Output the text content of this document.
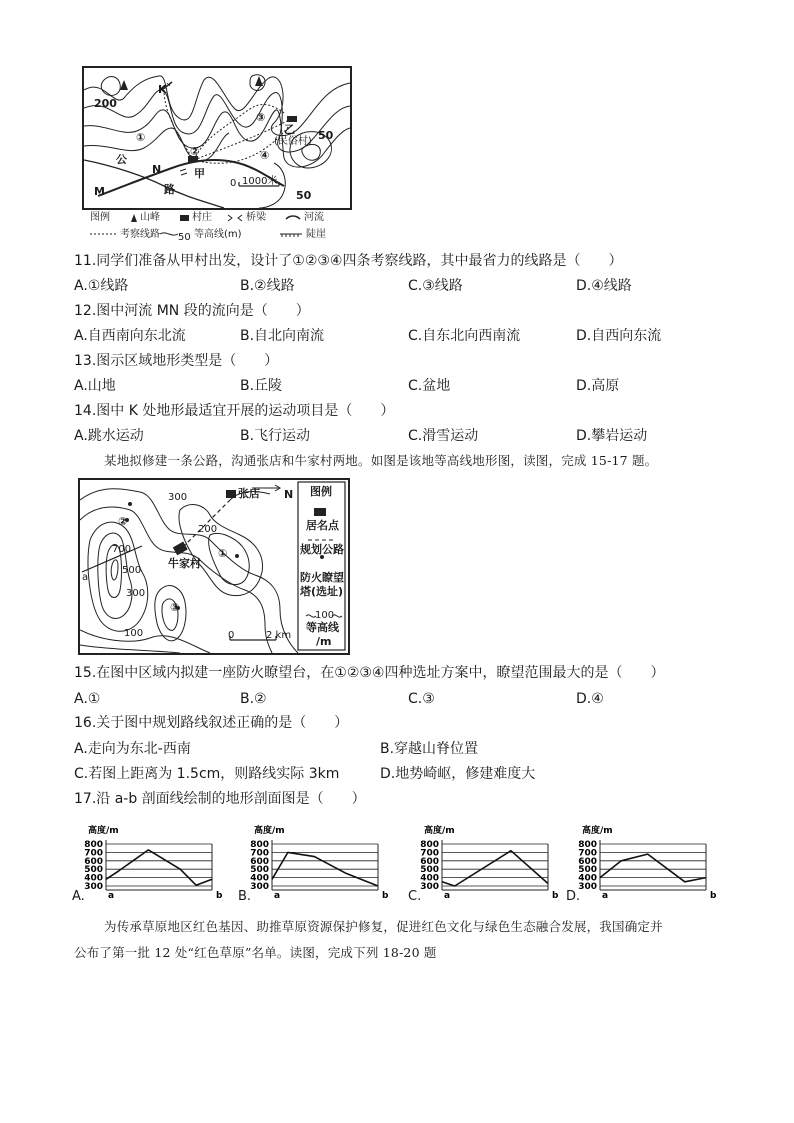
200
K
③
50
乙
(民俗村)
①
②	④
公
N	甲
路
M
0 1000米
50
图例	山峰	村庄	桥梁	河流
考察线路 50 等高线(m)	陡崖
11.同学们准备从甲村出发，设计了①②③④四条考察线路，其中最省力的线路是（　　）
A.①线路	B.②线路	C.③线路	D.④线路
12.图中河流 MN 段的流向是（　　）
A.自西南向东北流	B.自北向南流	C.自东北向西南流	D.自西向东流
13.图示区域地形类型是（　　）
A.山地	B.丘陵	C.盆地	D.高原
14.图中 K 处地形最适宜开展的运动项目是（　　）
A.跳水运动	B.飞行运动	C.滑雪运动	D.攀岩运动
某地拟修建一条公路，沟通张店和牛家村两地。如图是该地等高线地形图，读图，完成 15-17 题。
300	张店 N
②
200
700	①
牛家村
500
a
300
③
100	0	2 km
图例
居名点
规划公路
防火瞭望
塔(选址)
100
等高线
/m
15.在图中区域内拟建一座防火瞭望台，在①②③④四种选址方案中，瞭望范围最大的是（　　）
A.①	B.②	C.③	D.④
16.关于图中规划路线叙述正确的是（　　）
A.走向为东北-西南	B.穿越山脊位置
C.若图上距离为 1.5cm，则路线实际 3km	D.地势崎岖，修建难度大
17.沿 a-b 剖面线绘制的地形剖面图是（　　）
高度/m
800
700
600
500
400
300
a	b
A.
高度/m
800
700
600
500
400
300
a	b
B.
高度/m
800
700
600
500
400
300
a	b
C.
高度/m
800
700
600
500
400
300
a	b
D.
为传承草原地区红色基因、助推草原资源保护修复，促进红色文化与绿色生态融合发展，我国确定并
公布了第一批 12 处“红色草原”名单。读图，完成下列 18-20 题
